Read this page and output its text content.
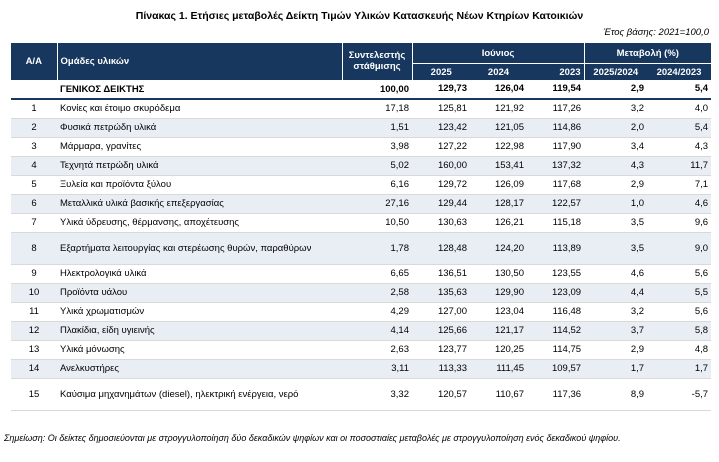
Πίνακας 1. Ετήσιες μεταβολές Δείκτη Τιμών Υλικών Κατασκευής Νέων Κτηρίων Κατοικιών
Έτος βάσης: 2021=100,0
Α/Α	Ομάδες υλικών	Συντελεστής στάθμισης	Ιούνιος			Μεταβολή (%)	
			2025	2024	2023	2025/2024	2024/2023
	ΓΕΝΙΚΟΣ ΔΕΙΚΤΗΣ	100,00	129,73	126,04	119,54	2,9	5,4
1	Κονίες και έτοιμο σκυρόδεμα	17,18	125,81	121,92	117,26	3,2	4,0
2	Φυσικά πετρώδη υλικά	1,51	123,42	121,05	114,86	2,0	5,4
3	Μάρμαρα, γρανίτες	3,98	127,22	122,98	117,90	3,4	4,3
4	Τεχνητά πετρώδη υλικά	5,02	160,00	153,41	137,32	4,3	11,7
5	Ξυλεία και προϊόντα ξύλου	6,16	129,72	126,09	117,68	2,9	7,1
6	Μεταλλικά υλικά βασικής επεξεργασίας	27,16	129,44	128,17	122,57	1,0	4,6
7	Υλικά ύδρευσης, θέρμανσης, αποχέτευσης	10,50	130,63	126,21	115,18	3,5	9,6
8	Εξαρτήματα λειτουργίας και στερέωσης θυρών, παραθύρων	1,78	128,48	124,20	113,89	3,5	9,0
9	Ηλεκτρολογικά υλικά	6,65	136,51	130,50	123,55	4,6	5,6
10	Προϊόντα υάλου	2,58	135,63	129,90	123,09	4,4	5,5
11	Υλικά χρωματισμών	4,29	127,00	123,04	116,48	3,2	5,6
12	Πλακίδια, είδη υγιεινής	4,14	125,66	121,17	114,52	3,7	5,8
13	Υλικά μόνωσης	2,63	123,77	120,25	114,75	2,9	4,8
14	Ανελκυστήρες	3,11	113,33	111,45	109,57	1,7	1,7
15	Καύσιμα μηχανημάτων (diesel), ηλεκτρική ενέργεια, νερό	3,32	120,57	110,67	117,36	8,9	-5,7
Σημείωση: Οι δείκτες δημοσιεύονται με στρογγυλοποίηση δύο δεκαδικών ψηφίων και οι ποσοστιαίες μεταβολές με στρογγυλοποίηση ενός δεκαδικού ψηφίου.
